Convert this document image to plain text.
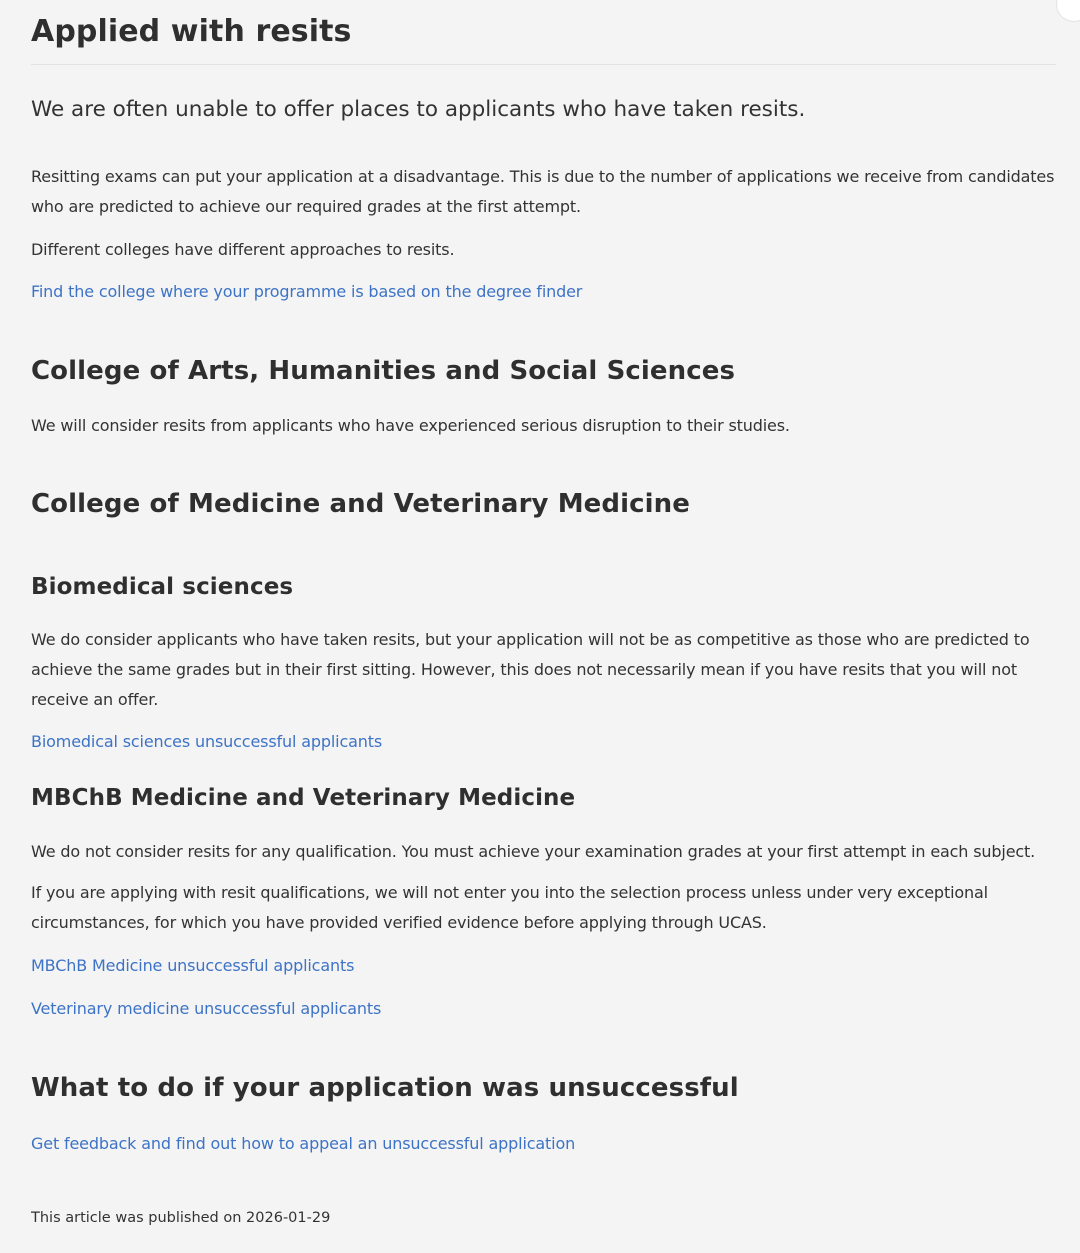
Applied with resits

We are often unable to offer places to applicants who have taken resits.

Resitting exams can put your application at a disadvantage. This is due to the number of applications we receive from candidates who are predicted to achieve our required grades at the first attempt.

Different colleges have different approaches to resits.

Find the college where your programme is based on the degree finder
College of Arts, Humanities and Social Sciences

We will consider resits from applicants who have experienced serious disruption to their studies.

College of Medicine and Veterinary Medicine
Biomedical sciences

We do consider applicants who have taken resits, but your application will not be as competitive as those who are predicted to achieve the same grades but in their first sitting. However, this does not necessarily mean if you have resits that you will not receive an offer.

Biomedical sciences unsuccessful applicants
MBChB Medicine and Veterinary Medicine

We do not consider resits for any qualification. You must achieve your examination grades at your first attempt in each subject.

If you are applying with resit qualifications, we will not enter you into the selection process unless under very exceptional circumstances, for which you have provided verified evidence before applying through UCAS.

MBChB Medicine unsuccessful applicants
Veterinary medicine unsuccessful applicants
What to do if your application was unsuccessful
Get feedback and find out how to appeal an unsuccessful application

This article was published on 2026-01-29
